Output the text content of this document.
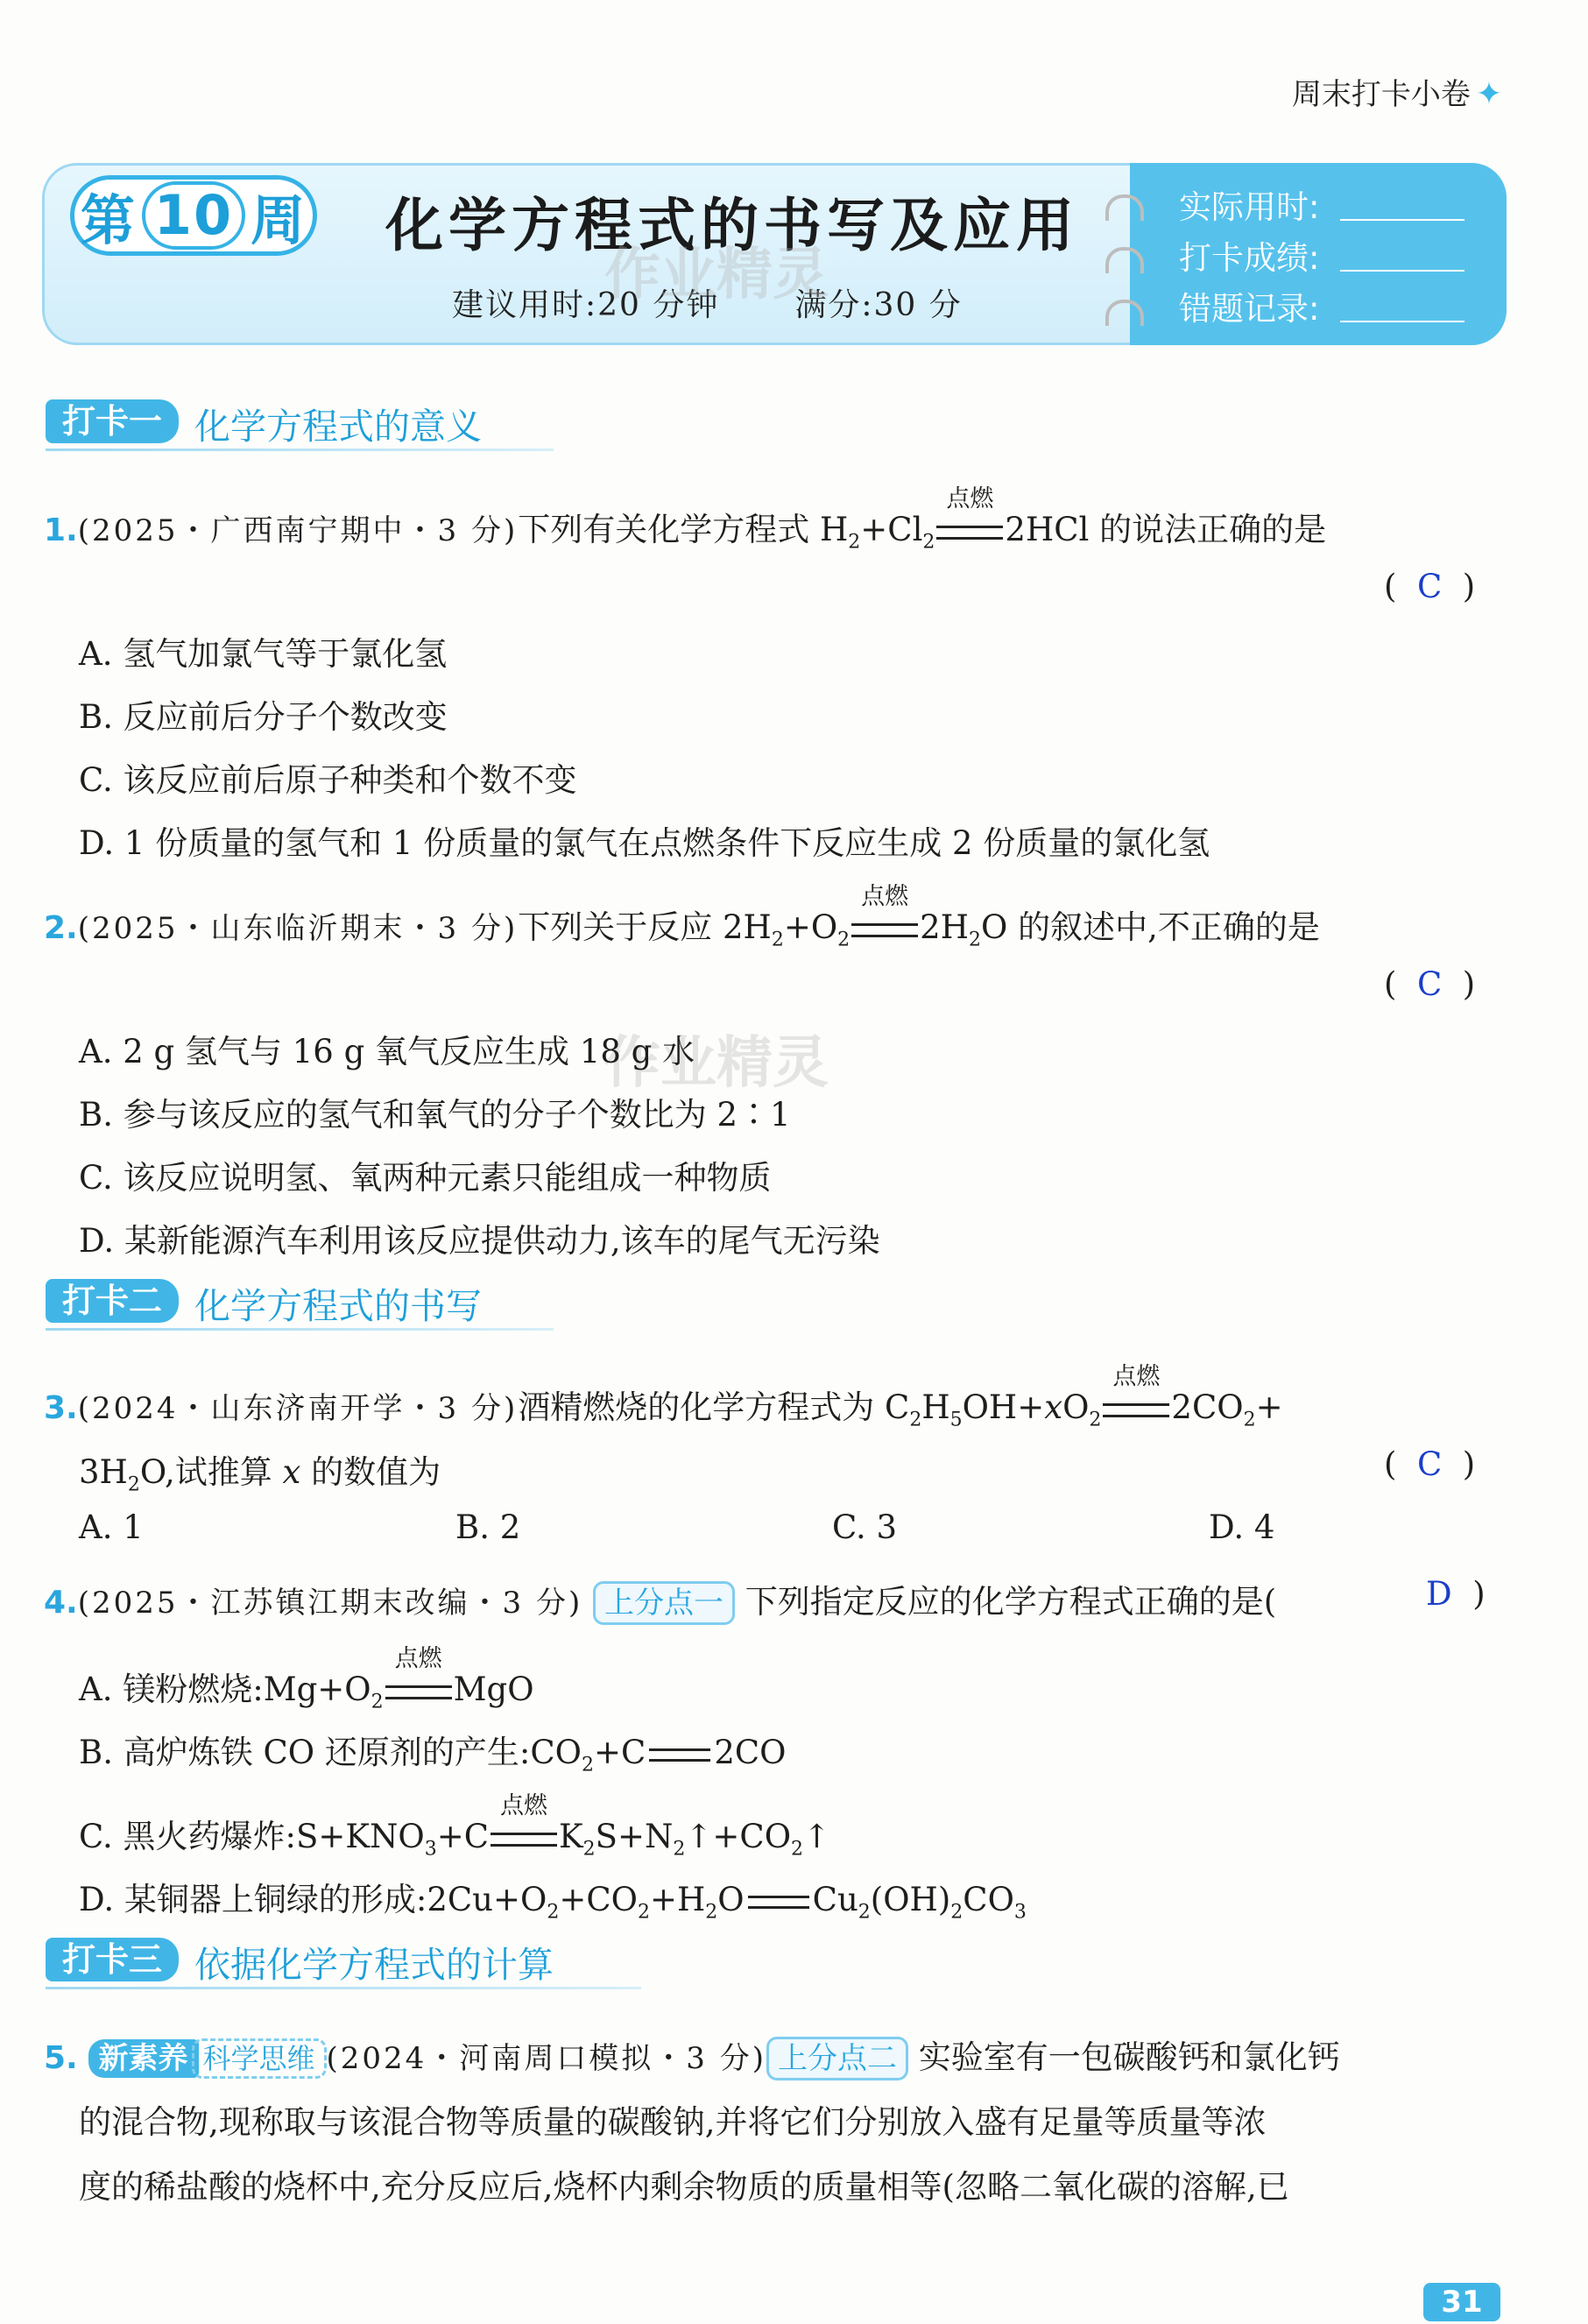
周末打卡小卷 ✦
实际用时:
打卡成绩:
错题记录:
第 10 周 化学方程式的书写及应用
建议用时:20 分钟 满分:30 分
作业精灵
作业精灵
打卡一 化学方程式的意义
1.(2025・广西南宁期中・3 分)下列有关化学方程式 $H_2+Cl_2$
点燃
2HCl 的说法正确的是
(  C  )
A. 氢气加氯气等于氯化氢
B. 反应前后分子个数改变
C. 该反应前后原子种类和个数不变
D. 1 份质量的氢气和 1 份质量的氯气在点燃条件下反应生成 2 份质量的氯化氢
2.(2025・山东临沂期末・3 分)下列关于反应 $2H_2+O_2$
点燃
$2H_2O$ 的叙述中,不正确的是
(  C  )
A. 2 g 氢气与 16 g 氧气反应生成 18 g 水
B. 参与该反应的氢气和氧气的分子个数比为 2∶1
C. 该反应说明氢、氧两种元素只能组成一种物质
D. 某新能源汽车利用该反应提供动力,该车的尾气无污染
打卡二 化学方程式的书写
3.(2024・山东济南开学・3 分)酒精燃烧的化学方程式为 $C_2H_5OH+xO_2$
点燃
$2CO_2+$
$3H_2O$,试推算 x 的数值为	(  C  )
A. 1	B. 2	C. 3	D. 4
4.(2025・江苏镇江期末改编・3 分) 上分点一 下列指定反应的化学方程式正确的是(	D  )
A. 镁粉燃烧$:Mg+O_2$
点燃
MgO
B. 高炉炼铁 CO 还原剂的产生$:CO_2+C$ 2CO
C. 黑火药爆炸$:S+KNO_3+C$
点燃
$K_2S+N_2↑+CO_2↑$
D. 某铜器上铜绿的形成$:2Cu+O_2+CO_2+H_2O$ $Cu_2(OH)_2CO_3$
打卡三 依据化学方程式的计算
5. 新素养 科学思维 (2024・河南周口模拟・3 分) 上分点二 实验室有一包碳酸钙和氯化钙
的混合物,现称取与该混合物等质量的碳酸钠,并将它们分别放入盛有足量等质量等浓
度的稀盐酸的烧杯中,充分反应后,烧杯内剩余物质的质量相等(忽略二氧化碳的溶解,已
31
